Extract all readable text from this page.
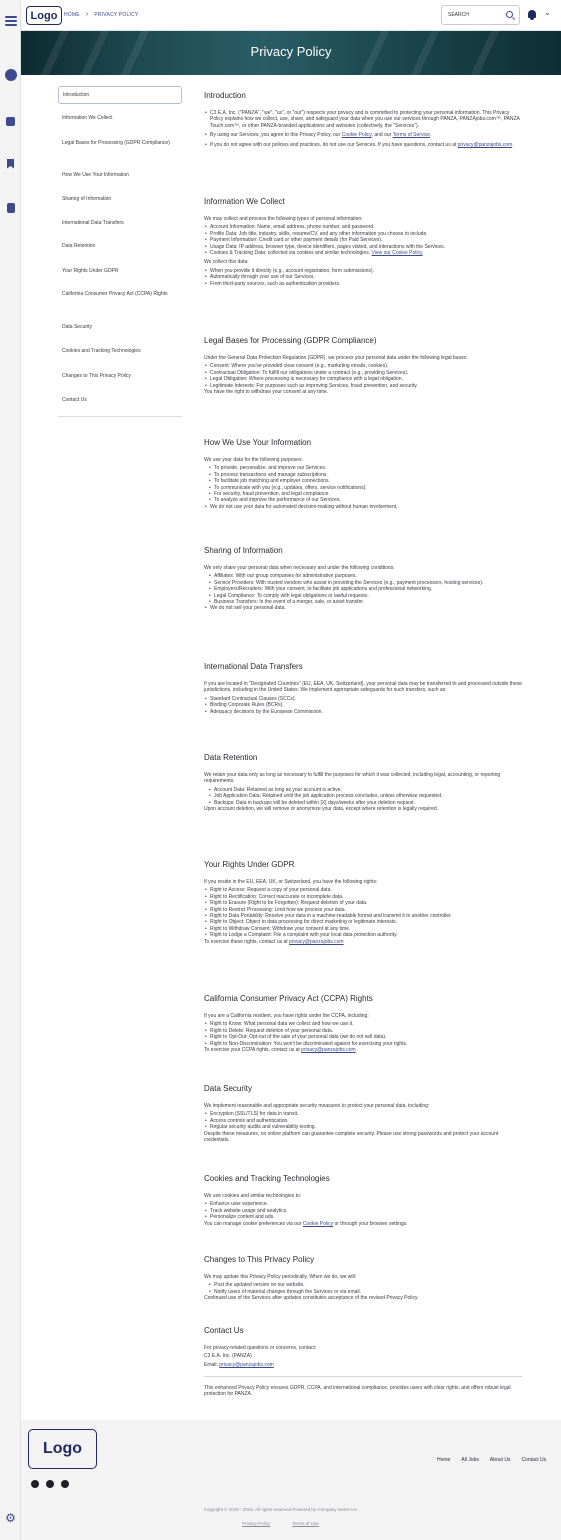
⚙
Logo	HOME › PRIVACY POLICY	SEARCH	⌄
Privacy Policy
Introduction
Information We Collect
Legal Bases for Processing (GDPR Compliance)
How We Use Your Information
Sharing of Information
International Data Transfers
Data Retention
Your Rights Under GDPR
California Consumer Privacy Act (CCPA) Rights
Data Security
Cookies and Tracking Technologies
Changes to This Privacy Policy
Contact Us
Introduction
• C3 E.A. Inc. ("PANZA", "we", "us", or "our") respects your privacy and is committed to protecting your personal information. This Privacy Policy explains how we collect, use, share, and safeguard your data when you use our services through PANZA, PANZAjobs.com™, PANZA Touch.com™, or other PANZA-branded applications and websites (collectively, the "Services").
• By using our Services, you agree to this Privacy Policy, our Cookie Policy, and our Terms of Service.
• If you do not agree with our policies and practices, do not use our Services. If you have questions, contact us at privacy@panzajobs.com.
Information We Collect

We may collect and process the following types of personal information:

• Account Information: Name, email address, phone number, and password.
• Profile Data: Job title, industry, skills, resume/CV, and any other information you choose to include.
• Payment Information: Credit card or other payment details (for Paid Services).
• Usage Data: IP address, browser type, device identifiers, pages visited, and interactions with the Services.
• Cookies & Tracking Data: collected via cookies and similar technologies. View our Cookie Policy

We collect this data:

• When you provide it directly (e.g., account registration, form submissions).
• Automatically through your use of our Services.
• From third-party sources, such as authentication providers.
Legal Bases for Processing (GDPR Compliance)

Under the General Data Protection Regulation (GDPR), we process your personal data under the following legal bases:

• Consent: Where you've provided clear consent (e.g., marketing emails, cookies).
• Contractual Obligation: To fulfill our obligations under a contract (e.g., providing Services).
• Legal Obligation: Where processing is necessary for compliance with a legal obligation.
• Legitimate Interests: For purposes such as improving Services, fraud prevention, and security.

You have the right to withdraw your consent at any time.

How We Use Your Information

We use your data for the following purposes:

• To provide, personalize, and improve our Services.
• To process transactions and manage subscriptions.
• To facilitate job matching and employer connections.
• To communicate with you (e.g., updates, offers, service notifications).
• For security, fraud prevention, and legal compliance.
• To analyze and improve the performance of our Services.
• We do not use your data for automated decision-making without human involvement.
Sharing of Information

We only share your personal data when necessary and under the following conditions:

• Affiliates: With our group companies for administrative purposes.
• Service Providers: With trusted vendors who assist in providing the Services (e.g., payment processors, hosting services).
• Employers/Recruiters: With your consent, to facilitate job applications and professional networking.
• Legal Compliance: To comply with legal obligations or lawful requests.
• Business Transfers: In the event of a merger, sale, or asset transfer.
• We do not sell your personal data.
International Data Transfers

If you are located in "Designated Countries" (EU, EEA, UK, Switzerland), your personal data may be transferred to and processed outside these jurisdictions, including in the United States. We implement appropriate safeguards for such transfers, such as:

• Standard Contractual Clauses (SCCs).
• Binding Corporate Rules (BCRs).
• Adequacy decisions by the European Commission.
Data Retention

We retain your data only as long as necessary to fulfill the purposes for which it was collected, including legal, accounting, or reporting requirements.

• Account Data: Retained as long as your account is active.
• Job Application Data: Retained until the job application process concludes, unless otherwise requested.
• Backups: Data in backups will be deleted within [X] days/weeks after your deletion request.

Upon account deletion, we will remove or anonymize your data, except where retention is legally required.

Your Rights Under GDPR

If you reside in the EU, EEA, UK, or Switzerland, you have the following rights:

• Right to Access: Request a copy of your personal data.
• Right to Rectification: Correct inaccurate or incomplete data.
• Right to Erasure (Right to be Forgotten): Request deletion of your data.
• Right to Restrict Processing: Limit how we process your data.
• Right to Data Portability: Receive your data in a machine-readable format and transmit it to another controller.
• Right to Object: Object to data processing for direct marketing or legitimate interests.
• Right to Withdraw Consent: Withdraw your consent at any time.
• Right to Lodge a Complaint: File a complaint with your local data protection authority.

To exercise these rights, contact us at privacy@panzajobs.com

California Consumer Privacy Act (CCPA) Rights

If you are a California resident, you have rights under the CCPA, including:

• Right to Know: What personal data we collect and how we use it.
• Right to Delete: Request deletion of your personal data.
• Right to Opt-Out: Opt-out of the sale of your personal data (we do not sell data).
• Right to Non-Discrimination: You won't be discriminated against for exercising your rights.

To exercise your CCPA rights, contact us at privacy@panzajobs.com

Data Security

We implement reasonable and appropriate security measures to protect your personal data, including:

• Encryption (SSL/TLS) for data in transit.
• Access controls and authentication.
• Regular security audits and vulnerability testing.

Despite these measures, no online platform can guarantee complete security. Please use strong passwords and protect your account credentials.

Cookies and Tracking Technologies

We use cookies and similar technologies to:

• Enhance user experience.
• Track website usage and analytics.
• Personalize content and ads.

You can manage cookie preferences via our Cookie Policy or through your browser settings.

Changes to This Privacy Policy

We may update this Privacy Policy periodically. When we do, we will:

• Post the updated version on our website.
• Notify users of material changes through the Services or via email.

Continued use of the Services after updates constitutes acceptance of the revised Privacy Policy.

Contact Us

For privacy-related questions or concerns, contact:

C3 E.A. Inc. (PANZA)

Email: privacy@panzajobs.com

This enhanced Privacy Policy ensures GDPR, CCPA, and international compliance, provides users with clear rights, and offers robust legal protection for PANZA.
Logo
Home All Jobs About Us Contact Us
Copyright © 2019 - 2025. All rights reserved Powered by Company Name Inc
Privacy Policy	Terms of Use
